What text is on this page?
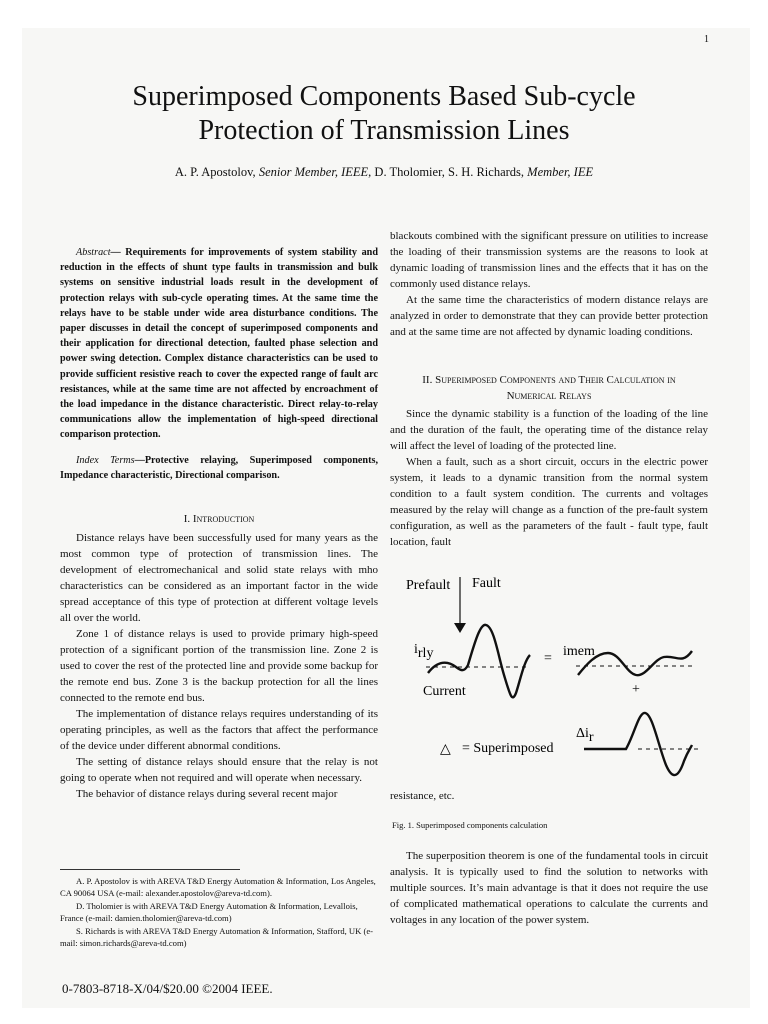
1
Superimposed Components Based Sub-cycle
Protection of Transmission Lines
A. P. Apostolov, Senior Member, IEEE, D. Tholomier, S. H. Richards, Member, IEE

Abstract— Requirements for improvements of system stability and reduction in the effects of shunt type faults in transmission and bulk systems on sensitive industrial loads result in the development of protection relays with sub-cycle operating times. At the same time the relays have to be stable under wide area disturbance conditions. The paper discusses in detail the concept of superimposed components and their application for directional detection, faulted phase selection and power swing detection. Complex distance characteristics can be used to provide sufficient resistive reach to cover the expected range of fault arc resistances, while at the same time are not affected by encroachment of the load impedance in the distance characteristic. Direct relay-to-relay communications allow the implementation of high-speed directional comparison protection.

Index Terms—Protective relaying, Superimposed components, Impedance characteristic, Directional comparison.

I. Introduction

Distance relays have been successfully used for many years as the most common type of protection of transmission lines. The development of electromechanical and solid state relays with mho characteristics can be considered as an important factor in the wide spread acceptance of this type of protection at different voltage levels all over the world.

Zone 1 of distance relays is used to provide primary high-speed protection of a significant portion of the transmission line. Zone 2 is used to cover the rest of the protected line and provide some backup for the remote end bus. Zone 3 is the backup protection for all the lines connected to the remote end bus.

The implementation of distance relays requires understanding of its operating principles, as well as the factors that affect the performance of the device under different abnormal conditions.

The setting of distance relays should ensure that the relay is not going to operate when not required and will operate when necessary.

The behavior of distance relays during several recent major

A. P. Apostolov is with AREVA T&D Energy Automation & Information, Los Angeles, CA 90064 USA (e-mail: alexander.apostolov@areva-td.com).

D. Tholomier is with AREVA T&D Energy Automation & Information, Levallois, France (e-mail: damien.tholomier@areva-td.com)

S. Richards is with AREVA T&D Energy Automation & Information, Stafford, UK (e-mail: simon.richards@areva-td.com)

0-7803-8718-X/04/$20.00 ©2004 IEEE.

blackouts combined with the significant pressure on utilities to increase the loading of their transmission systems are the reasons to look at dynamic loading of transmission lines and the effects that it has on the commonly used distance relays.

At the same time the characteristics of modern distance relays are analyzed in order to demonstrate that they can provide better protection and at the same time are not affected by dynamic loading conditions.

II. Superimposed Components and Their Calculation in
Numerical Relays

Since the dynamic stability is a function of the loading of the line and the duration of the fault, the operating time of the distance relay will affect the level of loading of the protected line.

When a fault, such as a short circuit, occurs in the electric power system, it leads to a dynamic transition from the normal system condition to a fault system condition. The currents and voltages measured by the relay will change as a function of the pre-fault system configuration, as well as the parameters of the fault - fault type, fault location, fault

Prefault Fault
irly
Current
= imem
+
Δir
△ = Superimposed
resistance, etc.
Fig. 1. Superimposed components calculation

The superposition theorem is one of the fundamental tools in circuit analysis. It is typically used to find the solution to networks with multiple sources. It’s main advantage is that it does not require the use of complicated mathematical operations to calculate the currents and voltages in any location of the power system.
